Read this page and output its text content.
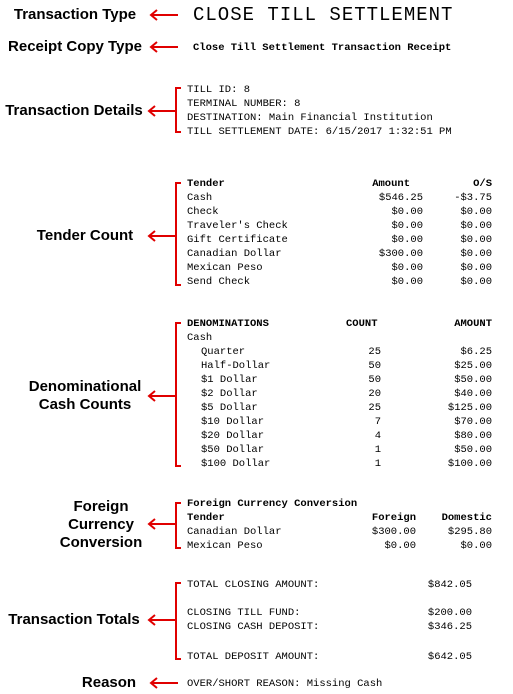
Transaction Type
Receipt Copy Type
Transaction Details
Tender Count
Denominational
Cash Counts
Foreign
Currency
Conversion
Transaction Totals
Reason
CLOSE TILL SETTLEMENT
Close Till Settlement Transaction Receipt
TILL ID: 8
TERMINAL NUMBER: 8
DESTINATION: Main Financial Institution
TILL SETTLEMENT DATE: 6/15/2017 1:32:51 PM
Tender	Amount	O/S
Cash	$546.25	-$3.75
Check	$0.00	$0.00
Traveler's Check	$0.00	$0.00
Gift Certificate	$0.00	$0.00
Canadian Dollar	$300.00	$0.00
Mexican Peso	$0.00	$0.00
Send Check	$0.00	$0.00
DENOMINATIONS	COUNT	AMOUNT
Cash
Quarter	25	$6.25
Half-Dollar	50	$25.00
$1 Dollar	50	$50.00
$2 Dollar	20	$40.00
$5 Dollar	25	$125.00
$10 Dollar	7	$70.00
$20 Dollar	4	$80.00
$50 Dollar	1	$50.00
$100 Dollar	1	$100.00
Foreign Currency Conversion
Tender	Foreign	Domestic
Canadian Dollar	$300.00	$295.80
Mexican Peso	$0.00	$0.00
TOTAL CLOSING AMOUNT:	$842.05
CLOSING TILL FUND:	$200.00
CLOSING CASH DEPOSIT:	$346.25
TOTAL DEPOSIT AMOUNT:	$642.05
OVER/SHORT REASON: Missing Cash
